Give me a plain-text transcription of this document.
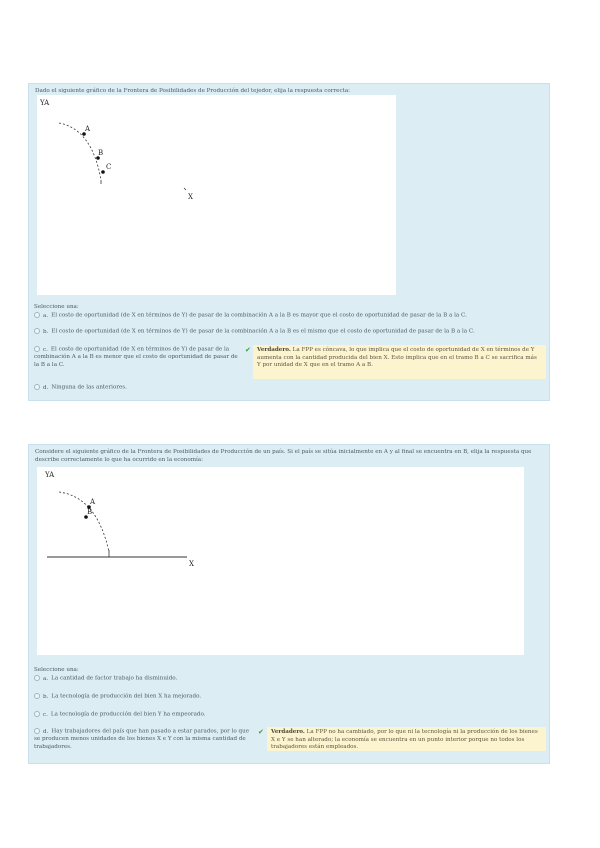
Dado el siguiente gráfico de la Frontera de Posibilidades de Producción del tejedor, elija la respuesta correcta:
YA
A
B
C
X
Seleccione una:
a. El costo de oportunidad (de X en términos de Y) de pasar de la combinación A a la B es mayor que el costo de oportunidad de pasar de la B a la C.
b. El costo de oportunidad (de X en términos de Y) de pasar de la combinación A a la B es el mismo que el costo de oportunidad de pasar de la B a la C.
c. El costo de oportunidad (de X en términos de Y) de pasar de la combinación A a la B es menor que el costo de oportunidad de pasar de la B a la C.
✔	Verdadero. La FPP es cóncava, lo que implica que el costo de oportunidad de X en términos de Y aumenta con la cantidad producida del bien X. Esto implica que en el tramo B a C se sacrifica más Y por unidad de X que en el tramo A a B.
d. Ninguna de las anteriores.
Considere el siguiente gráfico de la Frontera de Posibilidades de Producción de un país. Si el país se sitúa inicialmente en A y al final se encuentra en B, elija la respuesta que describe correctamente lo que ha ocurrido en la economía:
YA
A
B
X
Seleccione una:
a. La cantidad de factor trabajo ha disminuido.
b. La tecnología de producción del bien X ha mejorado.
c. La tecnología de producción del bien Y ha empeorado.
d. Hay trabajadores del país que han pasado a estar parados, por lo que se producen menos unidades de los bienes X e Y con la misma cantidad de trabajadores.
✔	Verdadero. La FPP no ha cambiado, por lo que ni la tecnología ni la producción de los bienes X e Y se han alterado; la economía se encuentra en un punto interior porque no todos los trabajadores están empleados.
